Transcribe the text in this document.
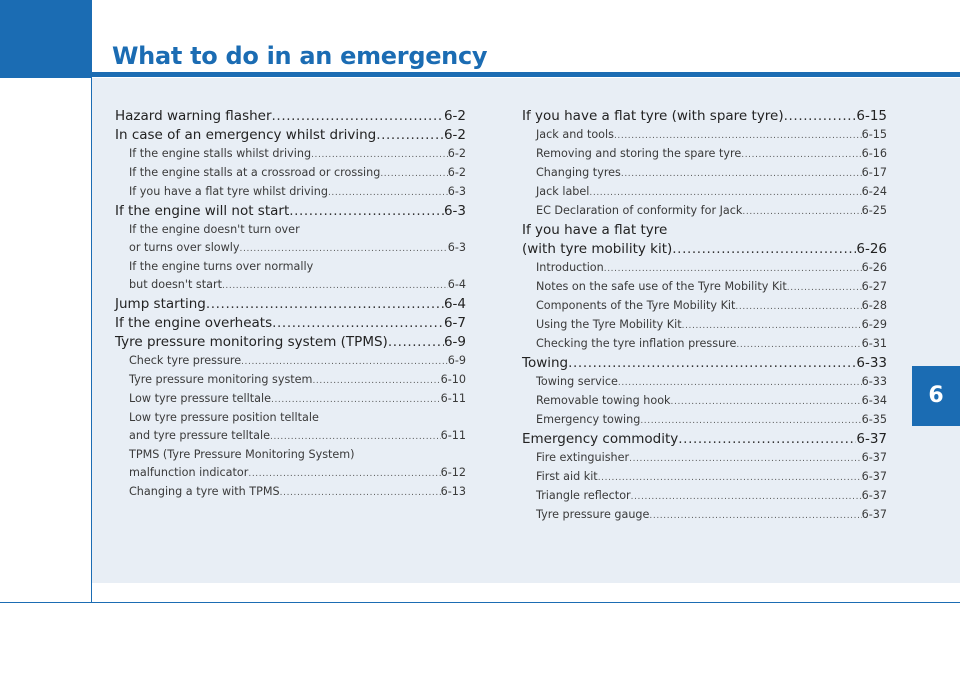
What to do in an emergency
Hazard warning flasher .....	6-2
In case of an emergency whilst driving .....	6-2
If the engine stalls whilst driving .....	6-2
If the engine stalls at a crossroad or crossing .....	6-2
If you have a flat tyre whilst driving .....	6-3
If the engine will not start .....	6-3
If the engine doesn't turn over
or turns over slowly .....	6-3
If the engine turns over normally
but doesn't start .....	6-4
Jump starting .....	6-4
If the engine overheats .....	6-7
Tyre pressure monitoring system (TPMS) .....	6-9
Check tyre pressure .....	6-9
Tyre pressure monitoring system .....	6-10
Low tyre pressure telltale .....	6-11
Low tyre pressure position telltale
and tyre pressure telltale .....	6-11
TPMS (Tyre Pressure Monitoring System)
malfunction indicator .....	6-12
Changing a tyre with TPMS .....	6-13
If you have a flat tyre (with spare tyre) .....	6-15
Jack and tools .....	6-15
Removing and storing the spare tyre .....	6-16
Changing tyres .....	6-17
Jack label .....	6-24
EC Declaration of conformity for Jack .....	6-25
If you have a flat tyre
(with tyre mobility kit) .....	6-26
Introduction .....	6-26
Notes on the safe use of the Tyre Mobility Kit .....	6-27
Components of the Tyre Mobility Kit .....	6-28
Using the Tyre Mobility Kit .....	6-29
Checking the tyre inflation pressure .....	6-31
Towing .....	6-33
Towing service .....	6-33
Removable towing hook .....	6-34
Emergency towing .....	6-35
Emergency commodity .....	6-37
Fire extinguisher .....	6-37
First aid kit .....	6-37
Triangle reflector .....	6-37
Tyre pressure gauge .....	6-37
6
